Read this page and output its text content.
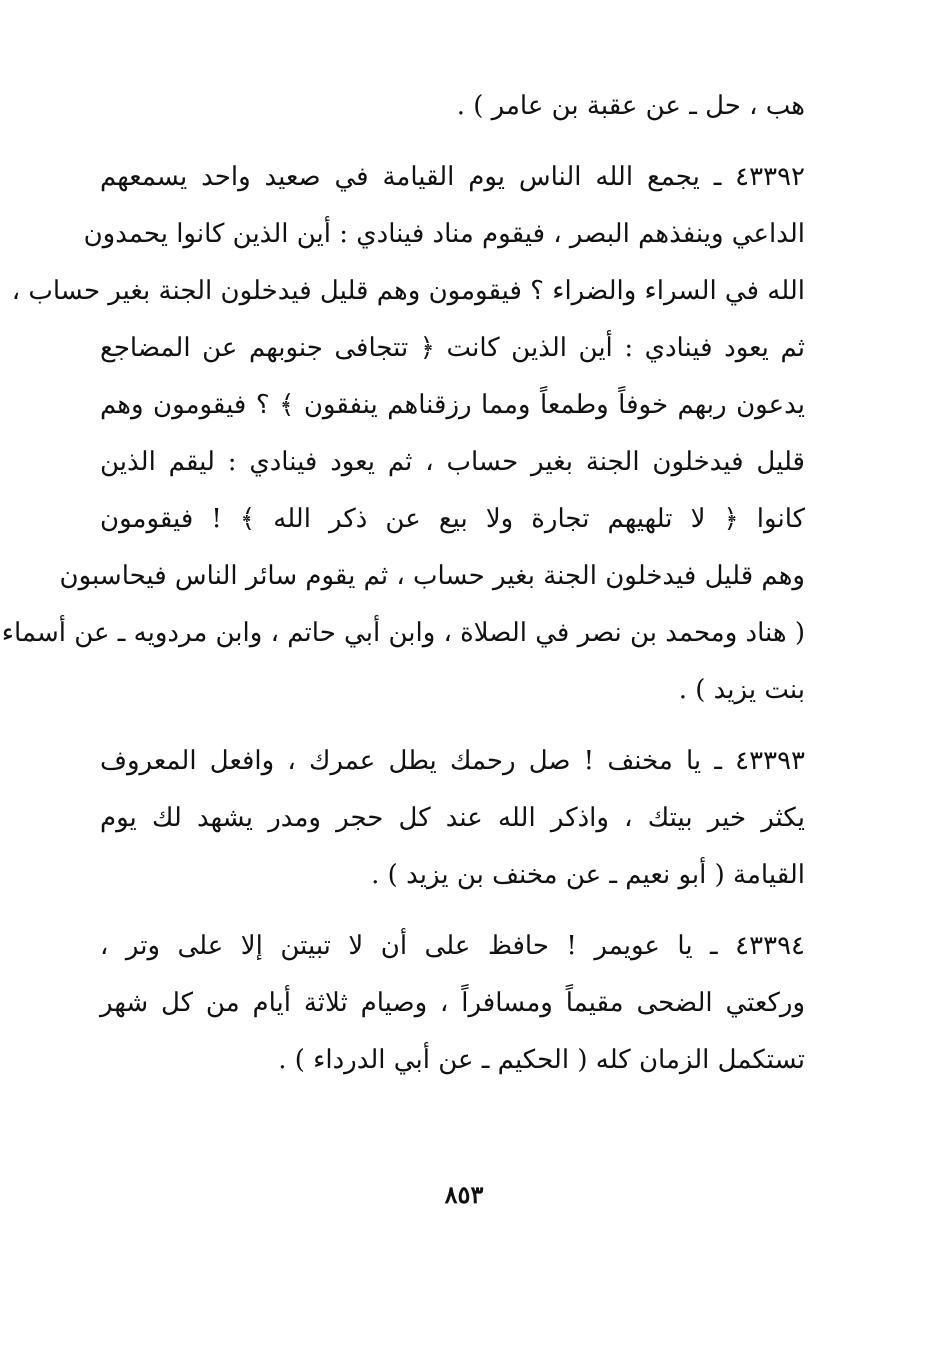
هب ، حل ـ عن عقبة بن عامر ) .
٤٣٣٩٢ ـ يجمع الله الناس يوم القيامة في صعيد واحد يسمعهم
الداعي وينفذهم البصر ، فيقوم مناد فينادي : أين الذين كانوا يحمدون
الله في السراء والضراء ؟ فيقومون وهم قليل فيدخلون الجنة بغير حساب ،
ثم يعود فينادي : أين الذين كانت ﴿ تتجافى جنوبهم عن المضاجع
يدعون ربهم خوفاً وطمعاً ومما رزقناهم ينفقون ﴾ ؟ فيقومون وهم
قليل فيدخلون الجنة بغير حساب ، ثم يعود فينادي : ليقم الذين
كانوا ﴿ لا تلهيهم تجارة ولا بيع عن ذكر الله ﴾ ! فيقومون
وهم قليل فيدخلون الجنة بغير حساب ، ثم يقوم سائر الناس فيحاسبون
( هناد ومحمد بن نصر في الصلاة ، وابن أبي حاتم ، وابن مردويه ـ عن أسماء
بنت يزيد ) .
٤٣٣٩٣ ـ يا مخنف ! صل رحمك يطل عمرك ، وافعل المعروف
يكثر خير بيتك ، واذكر الله عند كل حجر ومدر يشهد لك يوم
القيامة ( أبو نعيم ـ عن مخنف بن يزيد ) .
٤٣٣٩٤ ـ يا عويمر ! حافظ على أن لا تبيتن إلا على وتر ،
وركعتي الضحى مقيماً ومسافراً ، وصيام ثلاثة أيام من كل شهر
تستكمل الزمان كله ( الحكيم ـ عن أبي الدرداء ) .
٨٥٣
